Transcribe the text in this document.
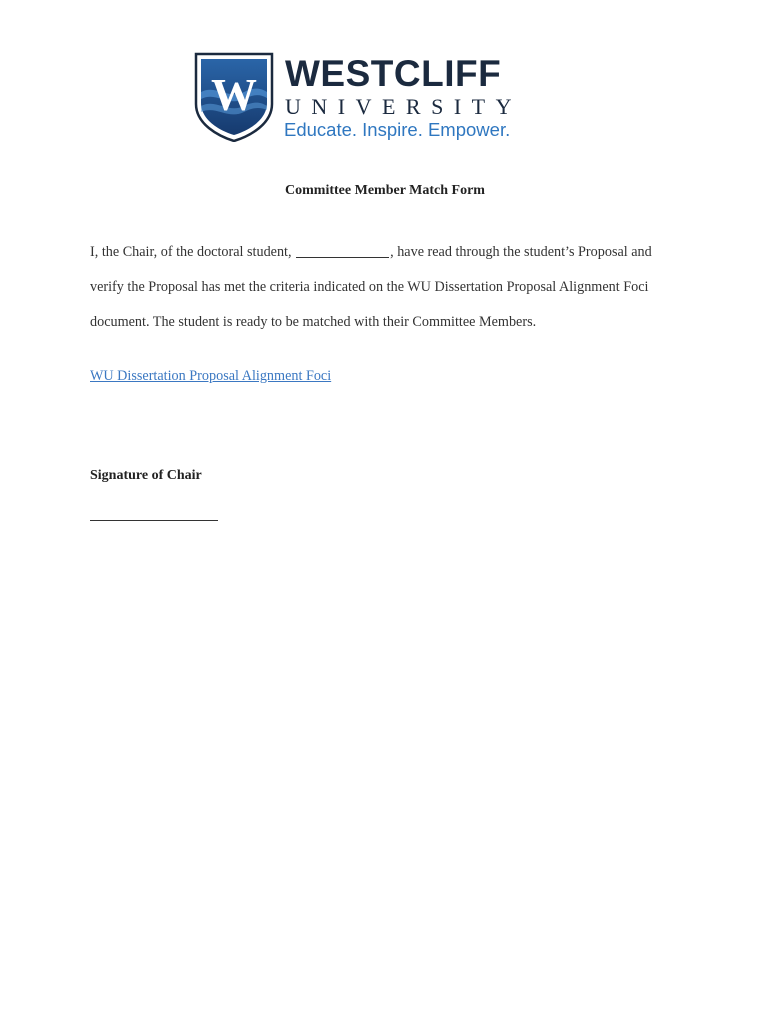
W WESTCLIFF
UNIVERSITY
Educate. Inspire. Empower.
Committee Member Match Form
I, the Chair, of the doctoral student,	, have read through the student’s Proposal and
verify the Proposal has met the criteria indicated on the WU Dissertation Proposal Alignment Foci
document. The student is ready to be matched with their Committee Members.
WU Dissertation Proposal Alignment Foci
Signature of Chair
